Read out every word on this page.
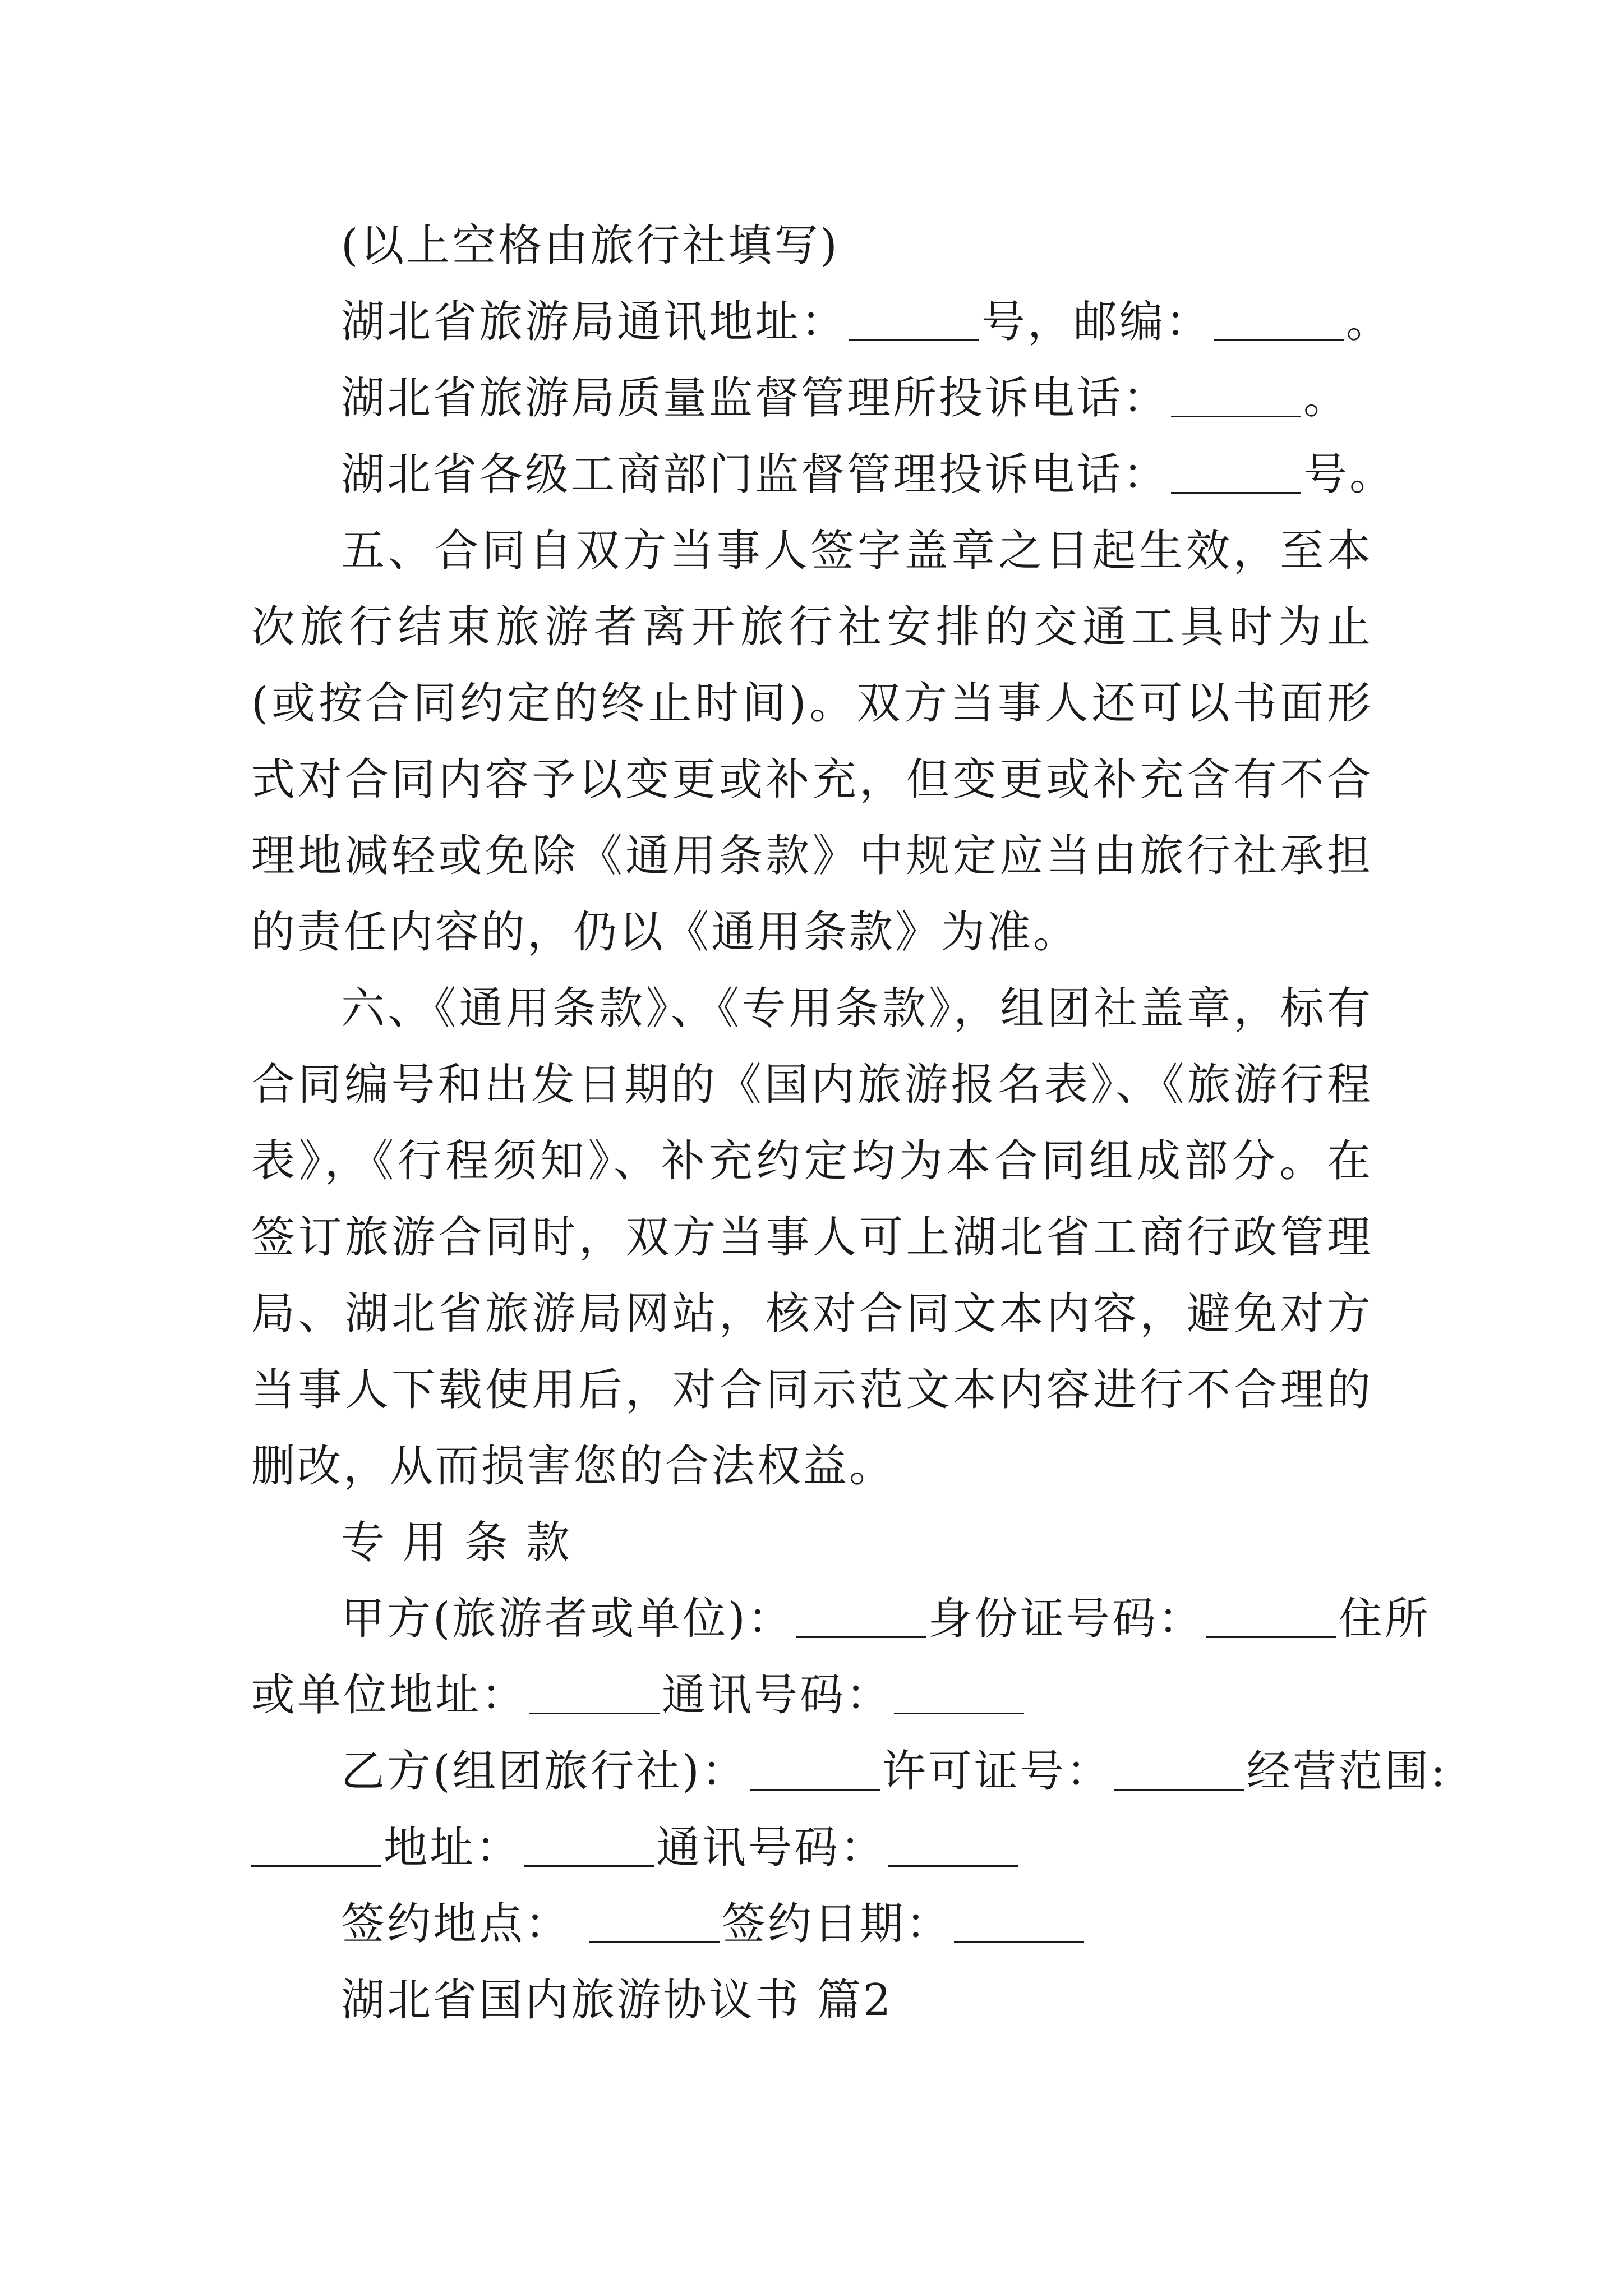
(以上空格由旅行社填写)

湖北省旅游局通讯地址：	号，邮编：	。

湖北省旅游局质量监督管理所投诉电话：	。

湖北省各级工商部门监督管理投诉电话：	号。

五、合同自双方当事人签字盖章之日起生效，至本次旅行结束旅游者离开旅行社安排的交通工具时为止(或按合同约定的终止时间)。双方当事人还可以书面形式对合同内容予以变更或补充，但变更或补充含有不合理地减轻或免除《通用条款》中规定应当由旅行社承担的责任内容的，仍以《通用条款》为准。

六、《通用条款》、《专用条款》，组团社盖章，标有合同编号和出发日期的《国内旅游报名表》、《旅游行程表》，《行程须知》、补充约定均为本合同组成部分。在签订旅游合同时，双方当事人可上湖北省工商行政管理局、湖北省旅游局网站，核对合同文本内容，避免对方当事人下载使用后，对合同示范文本内容进行不合理的删改，从而损害您的合法权益。

专用条款

甲方(旅游者或单位)：	身份证号码：	住所

或单位地址：	通讯号码：

乙方(组团旅行社)：	许可证号：	经营范围:

地址：	通讯号码：

签约地点：	签约日期：

湖北省国内旅游协议书 篇2
